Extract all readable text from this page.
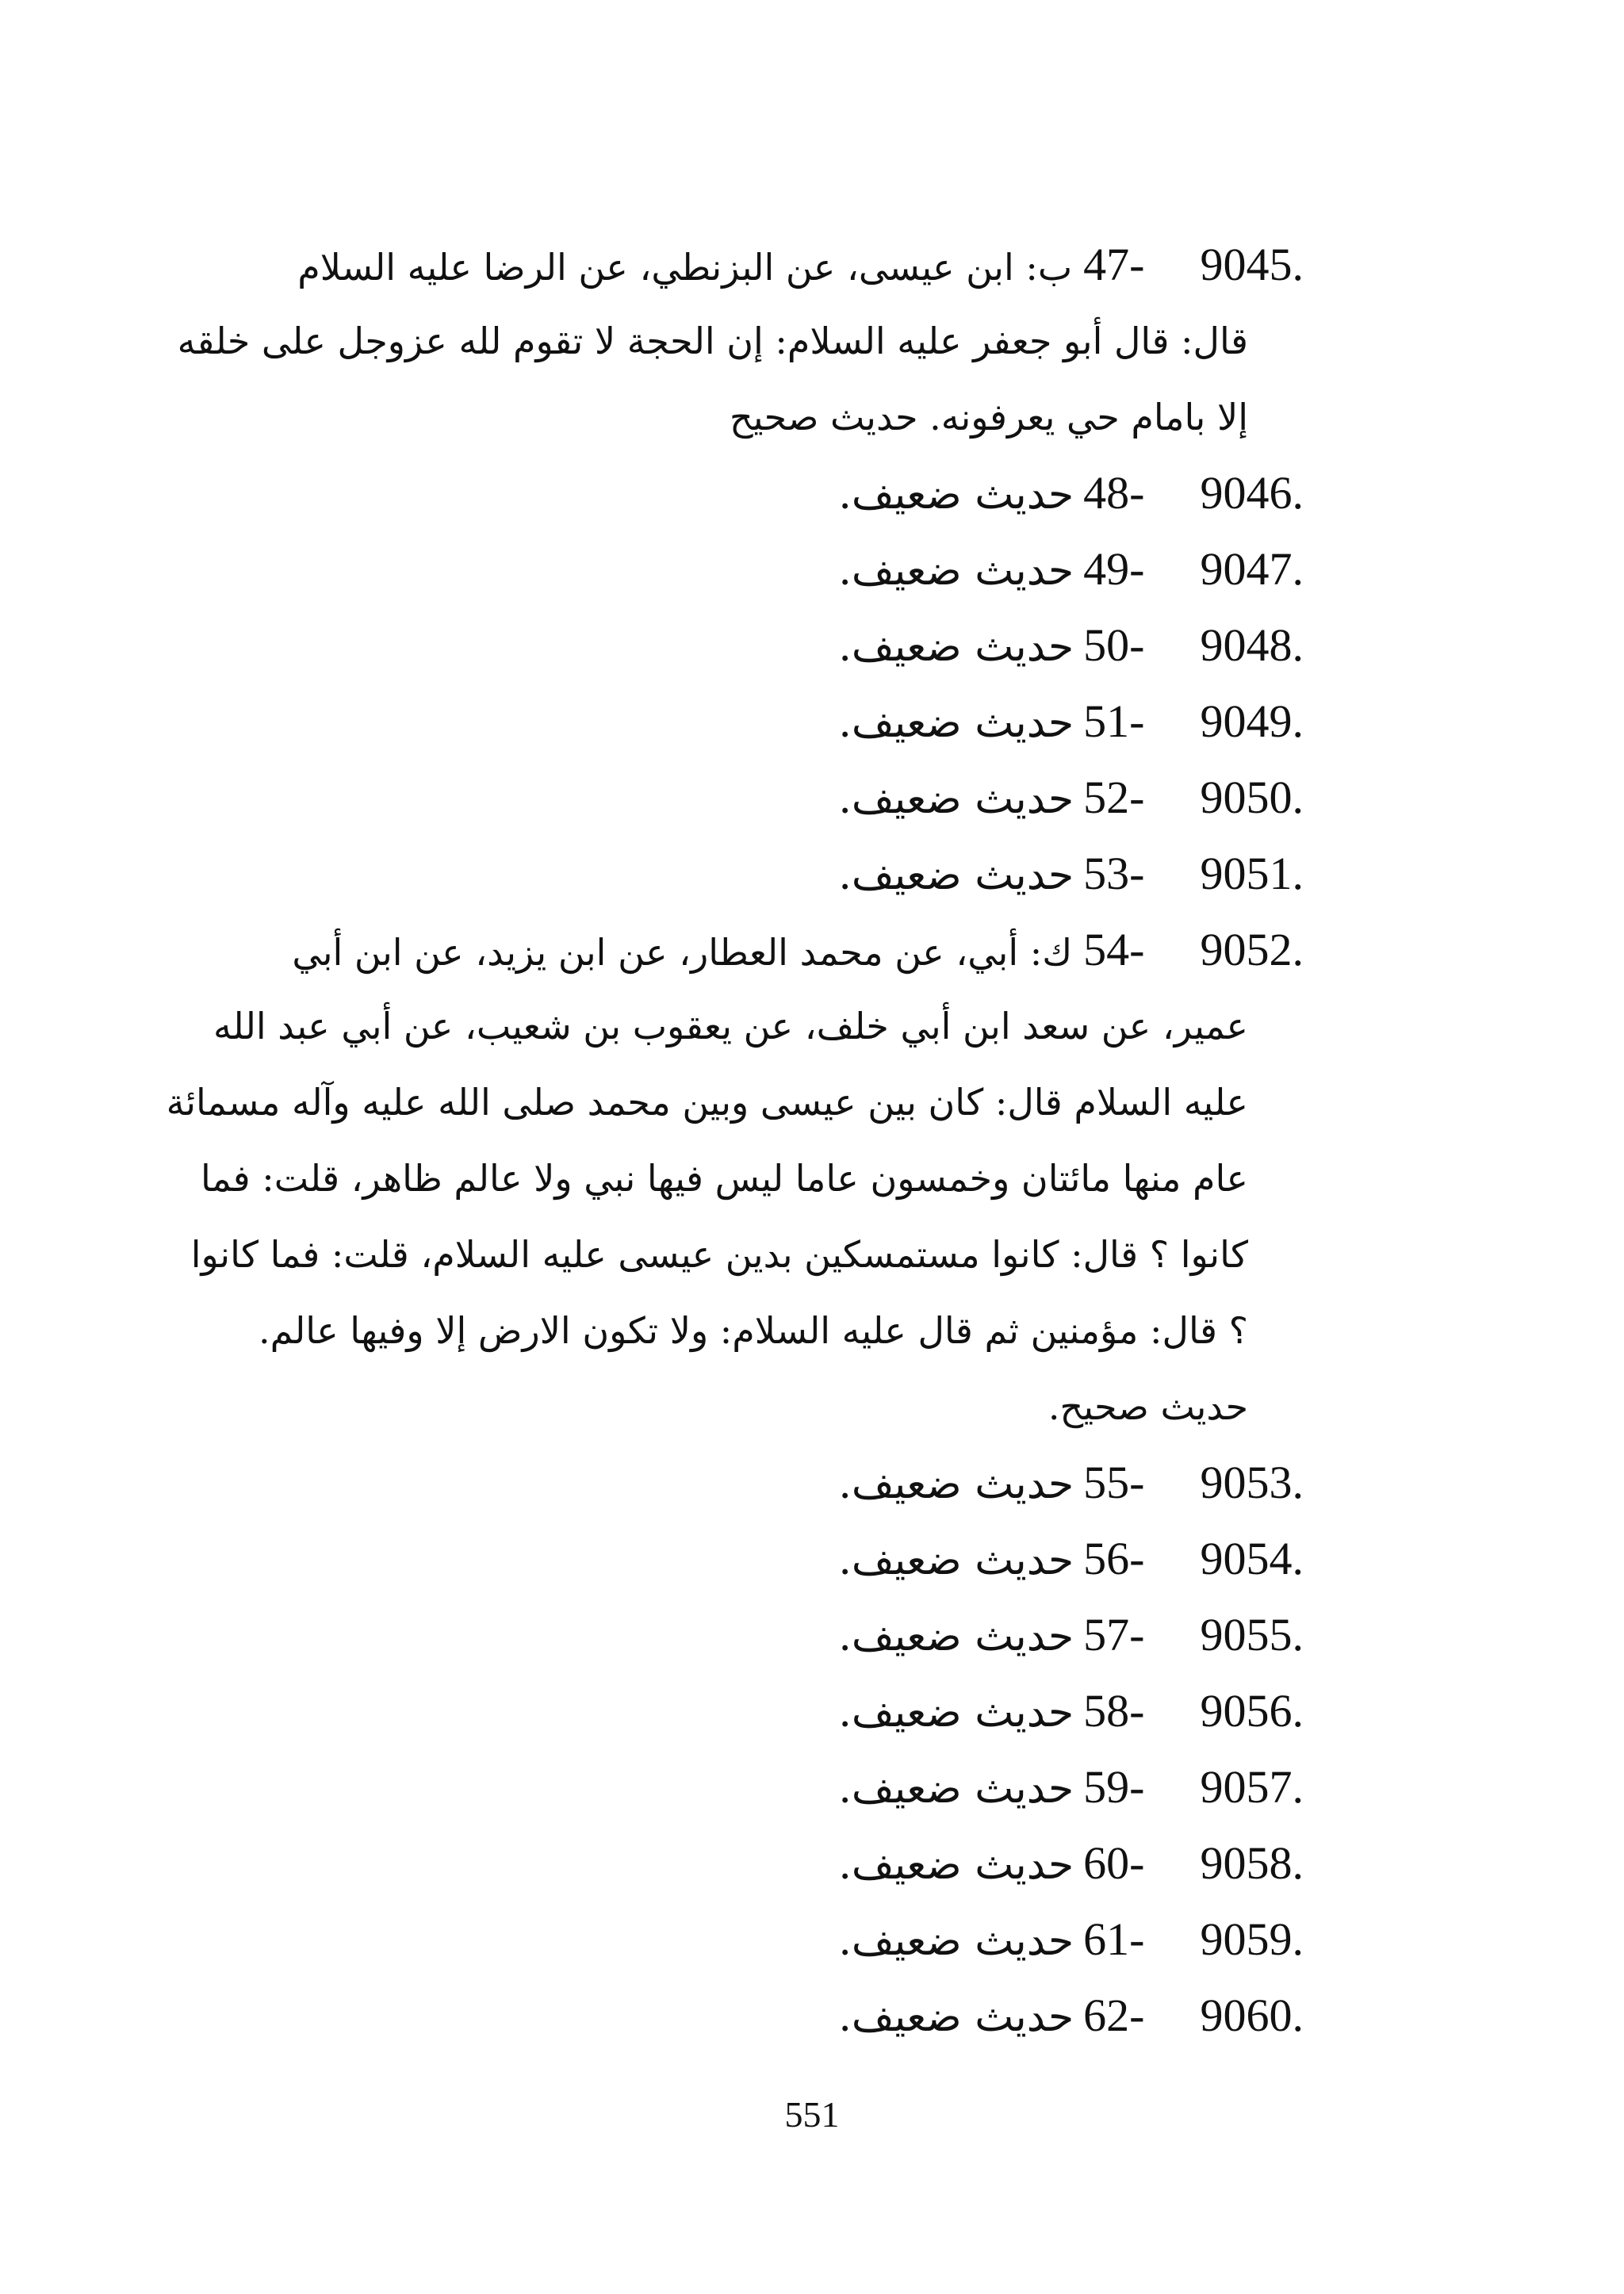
9045.47-ب: ابن عيسى، عن البزنطي، عن الرضا عليه السلام
قال: قال أبو جعفر عليه السلام: إن الحجة لا تقوم لله عزوجل على خلقه
إلا بامام حي يعرفونه. حديث صحيح
9046.48-حديث ضعيف.
9047.49-حديث ضعيف.
9048.50-حديث ضعيف.
9049.51-حديث ضعيف.
9050.52-حديث ضعيف.
9051.53-حديث ضعيف.
9052.54-ك: أبي، عن محمد العطار، عن ابن يزيد، عن ابن أبي
عمير، عن سعد ابن أبي خلف، عن يعقوب بن شعيب، عن أبي عبد الله
عليه السلام قال: كان بين عيسى وبين محمد صلى الله عليه وآله مسمائة
عام منها مائتان وخمسون عاما ليس فيها نبي ولا عالم ظاهر، قلت: فما
كانوا ؟ قال: كانوا مستمسكين بدين عيسى عليه السلام، قلت: فما كانوا
؟ قال: مؤمنين ثم قال عليه السلام: ولا تكون الارض إلا وفيها عالم.
حديث صحيح.
9053.55-حديث ضعيف.
9054.56-حديث ضعيف.
9055.57-حديث ضعيف.
9056.58-حديث ضعيف.
9057.59-حديث ضعيف.
9058.60-حديث ضعيف.
9059.61-حديث ضعيف.
9060.62-حديث ضعيف.
551
